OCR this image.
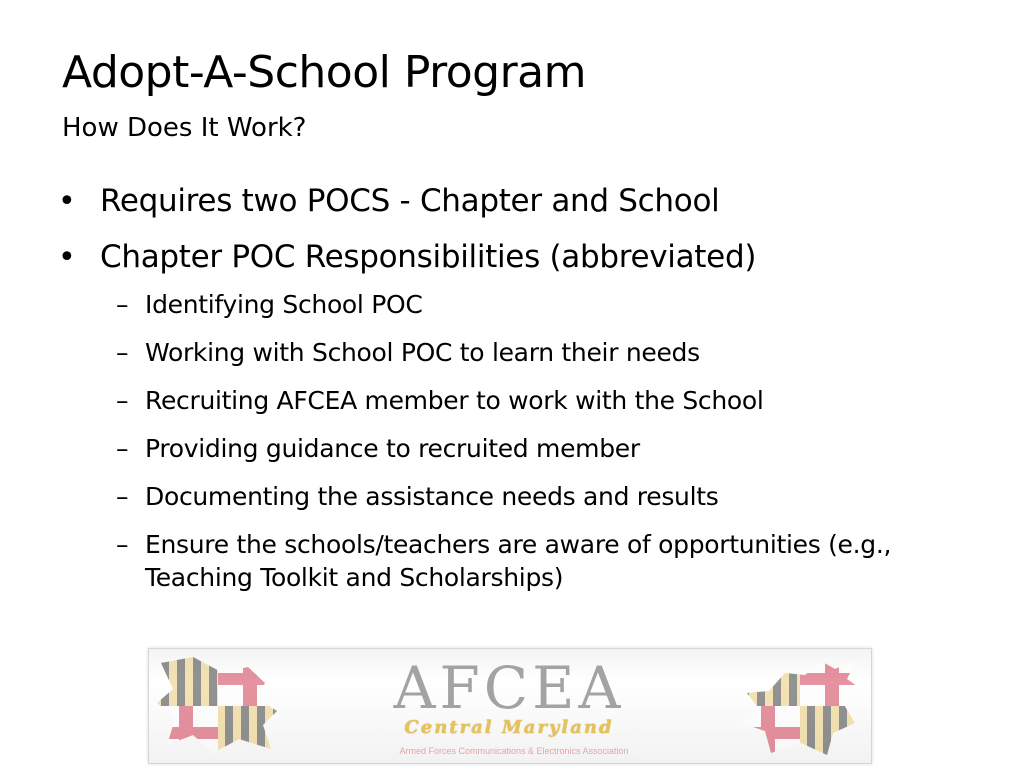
Adopt-A-School Program
How Does It Work?
• Requires two POCS - Chapter and School
• Chapter POC Responsibilities (abbreviated)
– Identifying School POC
– Working with School POC to learn their needs
– Recruiting AFCEA member to work with the School
– Providing guidance to recruited member
– Documenting the assistance needs and results
– Ensure the schools/teachers are aware of opportunities (e.g., Teaching Toolkit and Scholarships)
AFCEA
Central Maryland
Armed Forces Communications & Electronics Association
